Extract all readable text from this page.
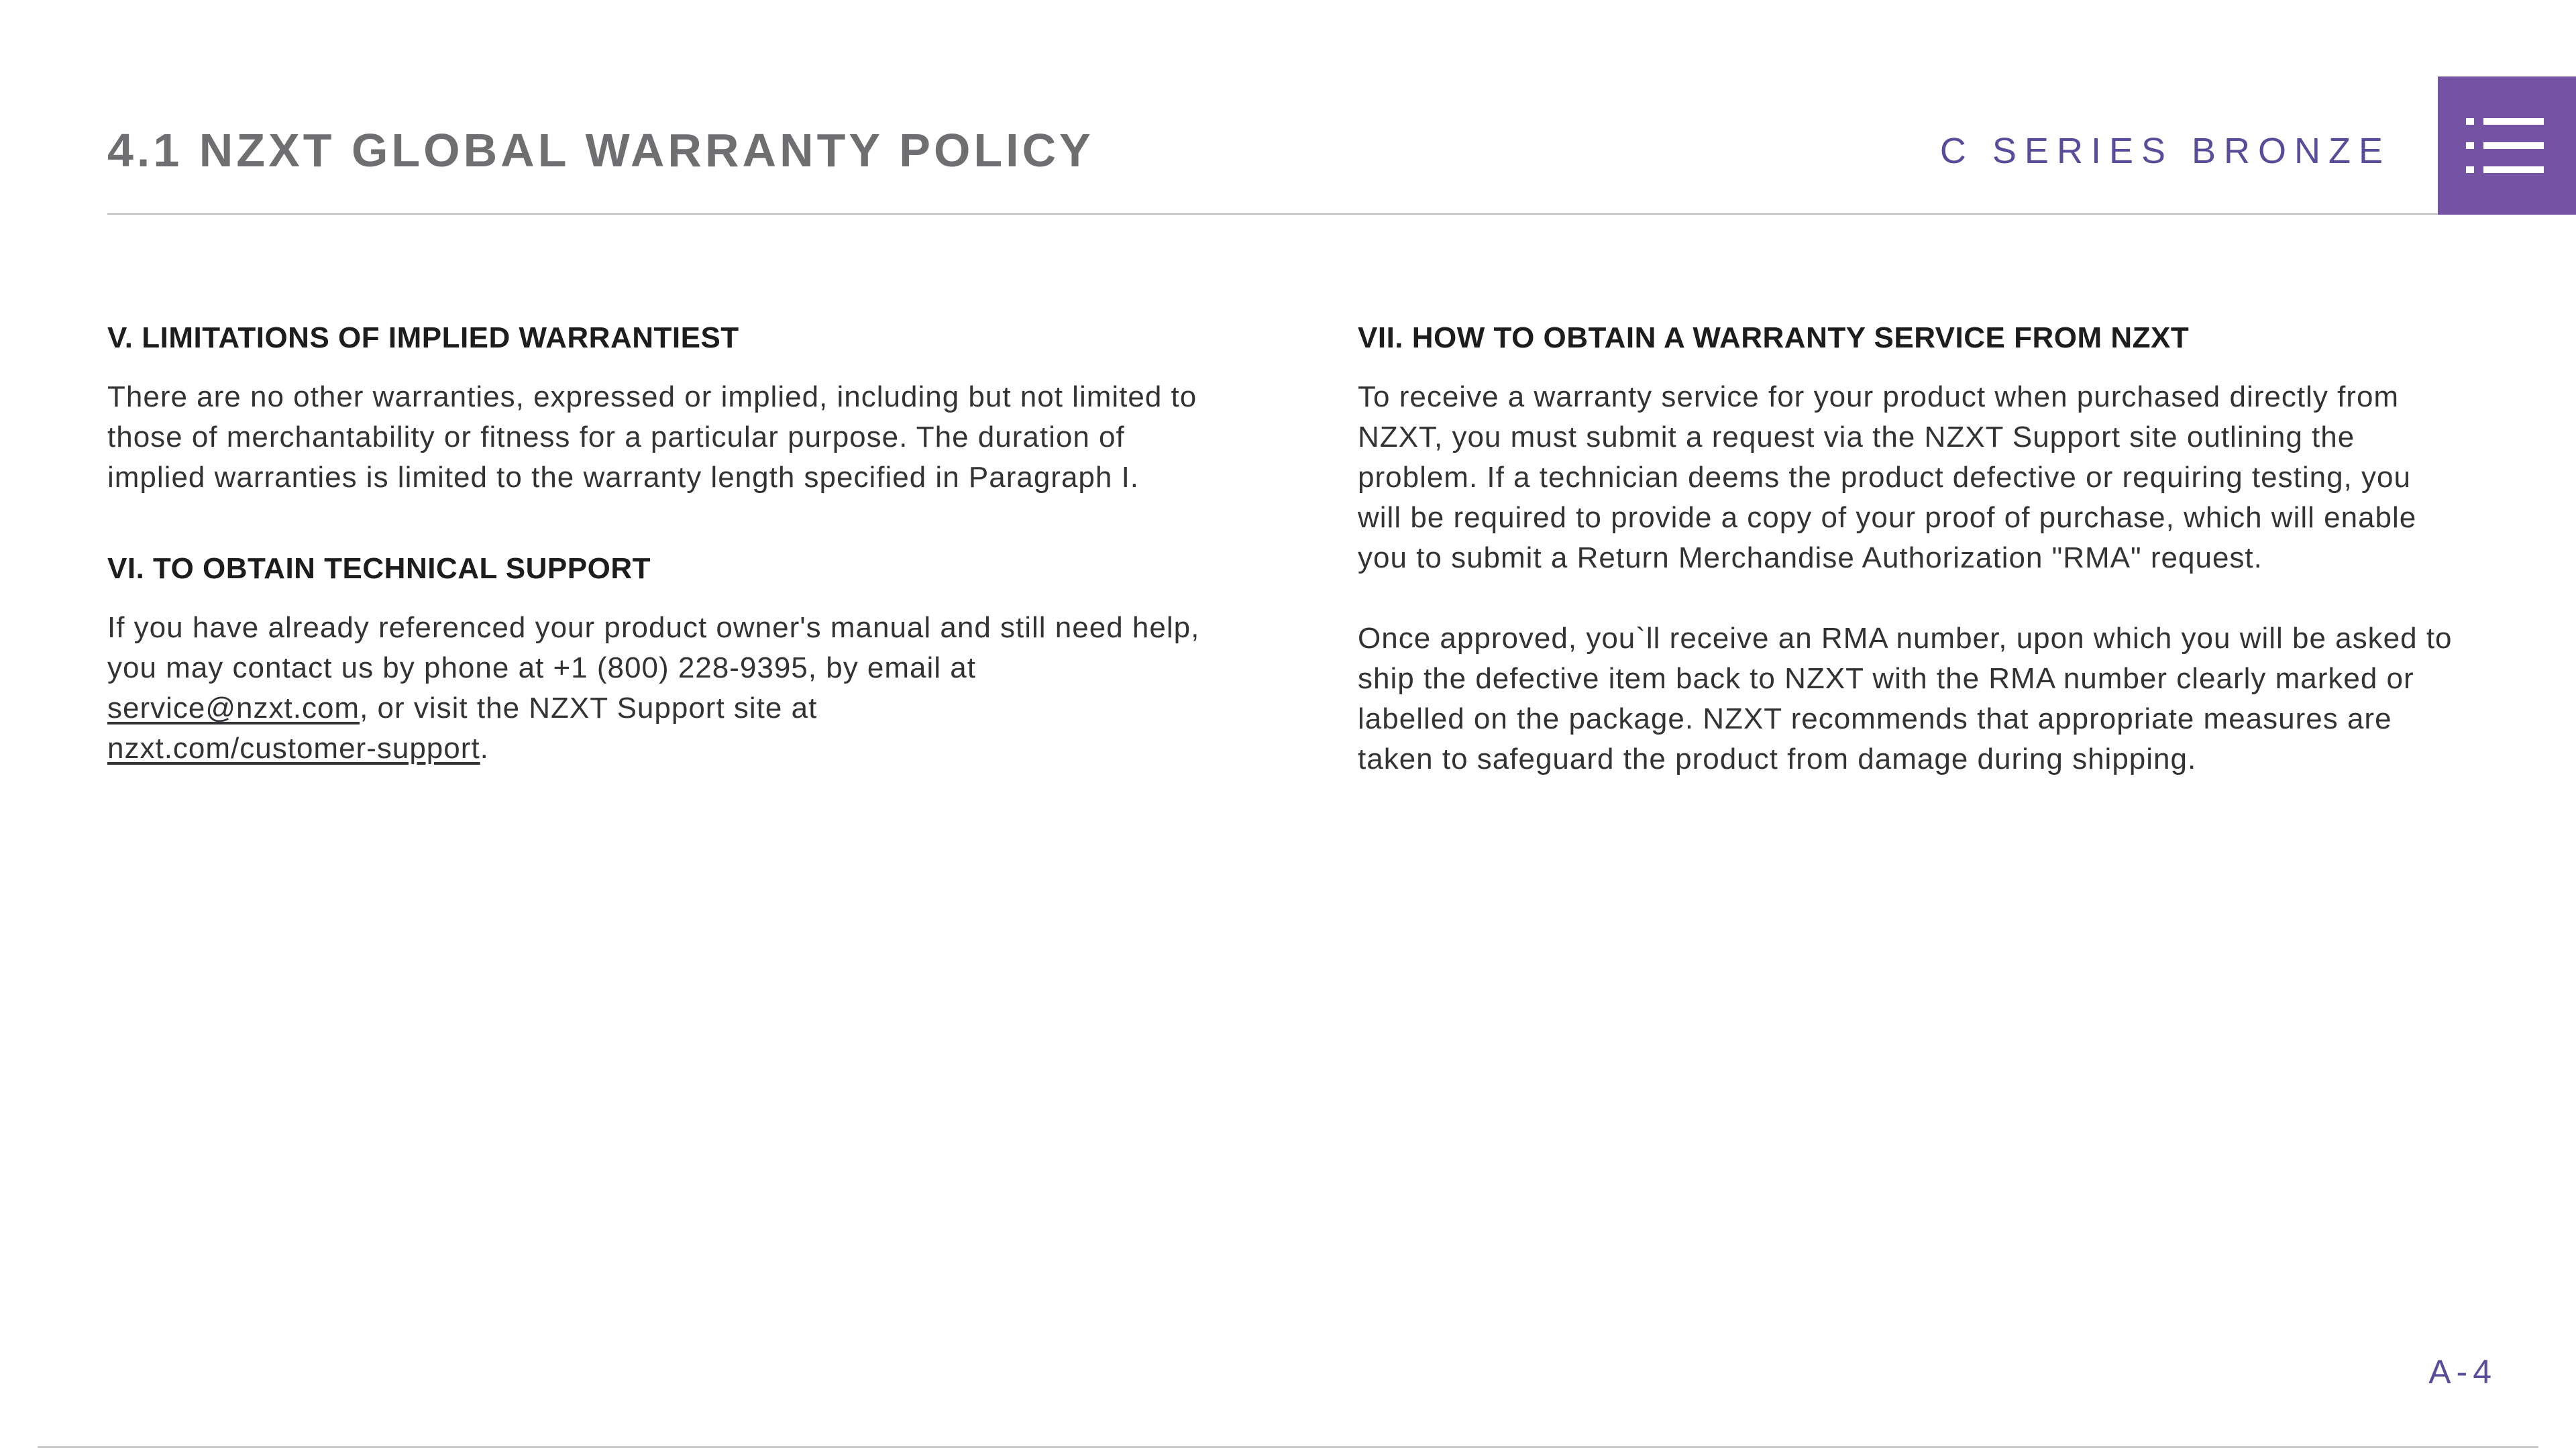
4.1 NZXT GLOBAL WARRANTY POLICY	C SERIES BRONZE
V. LIMITATIONS OF IMPLIED WARRANTIEST

There are no other warranties, expressed or implied, including but not limited to those of merchantability or fitness for a particular purpose. The duration of implied warranties is limited to the warranty length specified in Paragraph I.

VI. TO OBTAIN TECHNICAL SUPPORT

If you have already referenced your product owner's manual and still need help, you may contact us by phone at +1 (800) 228-9395, by email at service@nzxt.com, or visit the NZXT Support site at
nzxt.com/customer-support.

VII. HOW TO OBTAIN A WARRANTY SERVICE FROM NZXT

To receive a warranty service for your product when purchased directly from NZXT, you must submit a request via the NZXT Support site outlining the problem. If a technician deems the product defective or requiring testing, you will be required to provide a copy of your proof of purchase, which will enable you to submit a Return Merchandise Authorization "RMA" request.

Once approved, you`ll receive an RMA number, upon which you will be asked to ship the defective item back to NZXT with the RMA number clearly marked or labelled on the package. NZXT recommends that appropriate measures are taken to safeguard the product from damage during shipping.

A-4
